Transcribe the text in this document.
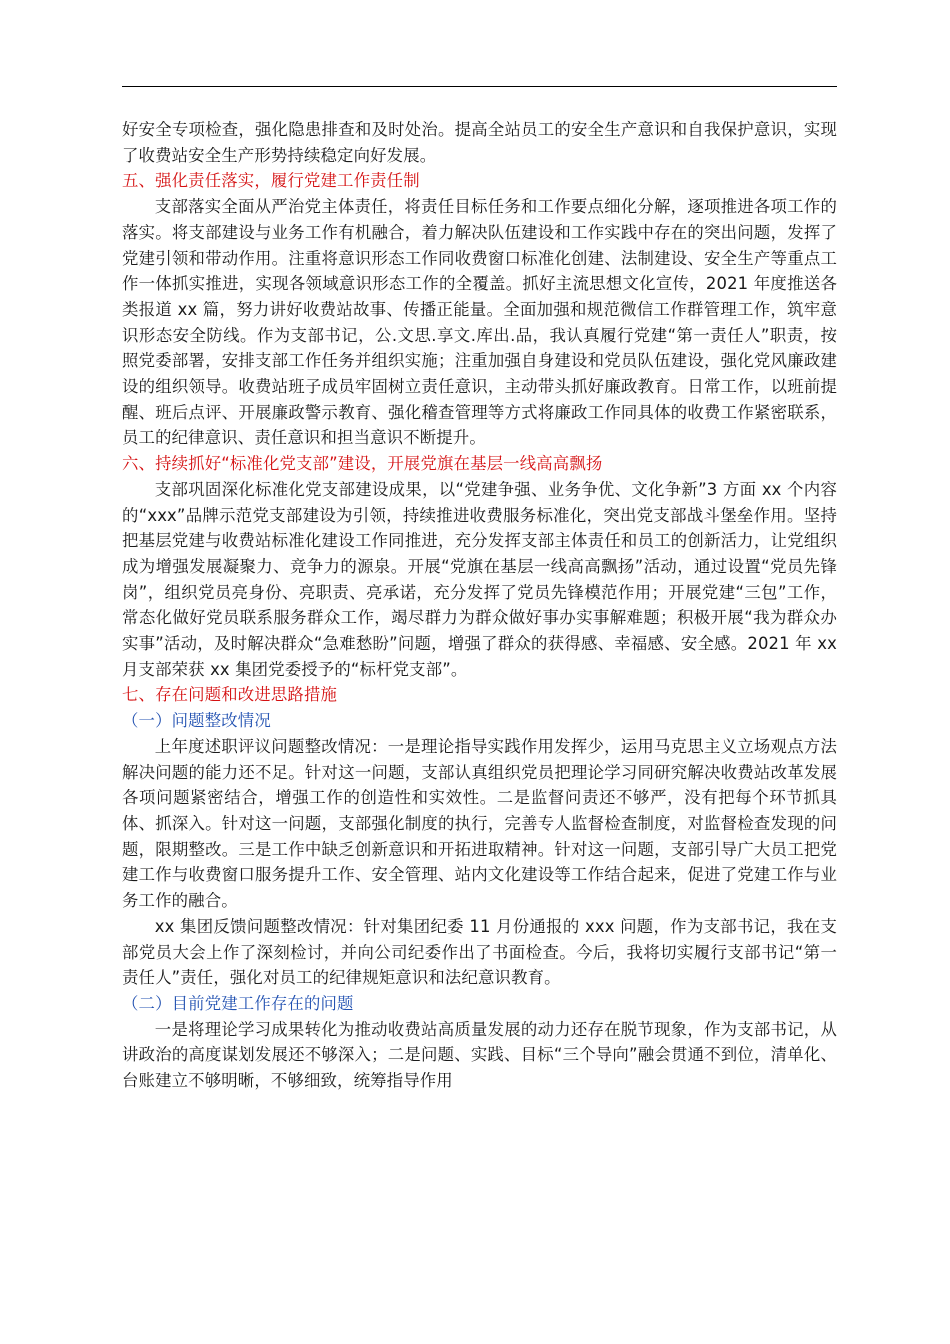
好安全专项检查，强化隐患排查和及时处治。提高全站员工的安全生产意识和自我保护意识，实现了收费站安全生产形势持续稳定向好发展。

五、强化责任落实，履行党建工作责任制

支部落实全面从严治党主体责任，将责任目标任务和工作要点细化分解，逐项推进各项工作的落实。将支部建设与业务工作有机融合，着力解决队伍建设和工作实践中存在的突出问题，发挥了党建引领和带动作用。注重将意识形态工作同收费窗口标准化创建、法制建设、安全生产等重点工作一体抓实推进，实现各领域意识形态工作的全覆盖。抓好主流思想文化宣传，2021 年度推送各类报道 xx 篇，努力讲好收费站故事、传播正能量。全面加强和规范微信工作群管理工作，筑牢意识形态安全防线。作为支部书记，公.文思.享文.库出.品，我认真履行党建“第一责任人”职责，按照党委部署，安排支部工作任务并组织实施；注重加强自身建设和党员队伍建设，强化党风廉政建设的组织领导。收费站班子成员牢固树立责任意识，主动带头抓好廉政教育。日常工作，以班前提醒、班后点评、开展廉政警示教育、强化稽查管理等方式将廉政工作同具体的收费工作紧密联系，员工的纪律意识、责任意识和担当意识不断提升。

六、持续抓好“标准化党支部”建设，开展党旗在基层一线高高飘扬

支部巩固深化标准化党支部建设成果，以“党建争强、业务争优、文化争新”3 方面 xx 个内容的“xxx”品牌示范党支部建设为引领，持续推进收费服务标准化，突出党支部战斗堡垒作用。坚持把基层党建与收费站标准化建设工作同推进，充分发挥支部主体责任和员工的创新活力，让党组织成为增强发展凝聚力、竞争力的源泉。开展“党旗在基层一线高高飘扬”活动，通过设置“党员先锋岗”，组织党员亮身份、亮职责、亮承诺，充分发挥了党员先锋模范作用；开展党建“三包”工作，常态化做好党员联系服务群众工作，竭尽群力为群众做好事办实事解难题；积极开展“我为群众办实事”活动，及时解决群众“急难愁盼”问题，增强了群众的获得感、幸福感、安全感。2021 年 xx 月支部荣获 xx 集团党委授予的“标杆党支部”。

七、存在问题和改进思路措施

（一）问题整改情况

上年度述职评议问题整改情况：一是理论指导实践作用发挥少，运用马克思主义立场观点方法解决问题的能力还不足。针对这一问题，支部认真组织党员把理论学习同研究解决收费站改革发展各项问题紧密结合，增强工作的创造性和实效性。二是监督问责还不够严，没有把每个环节抓具体、抓深入。针对这一问题，支部强化制度的执行，完善专人监督检查制度，对监督检查发现的问题，限期整改。三是工作中缺乏创新意识和开拓进取精神。针对这一问题，支部引导广大员工把党建工作与收费窗口服务提升工作、安全管理、站内文化建设等工作结合起来，促进了党建工作与业务工作的融合。

xx 集团反馈问题整改情况：针对集团纪委 11 月份通报的 xxx 问题，作为支部书记，我在支部党员大会上作了深刻检讨，并向公司纪委作出了书面检查。今后，我将切实履行支部书记“第一责任人”责任，强化对员工的纪律规矩意识和法纪意识教育。

（二）目前党建工作存在的问题

一是将理论学习成果转化为推动收费站高质量发展的动力还存在脱节现象，作为支部书记，从讲政治的高度谋划发展还不够深入；二是问题、实践、目标“三个导向”融会贯通不到位，清单化、台账建立不够明晰，不够细致，统筹指导作用
